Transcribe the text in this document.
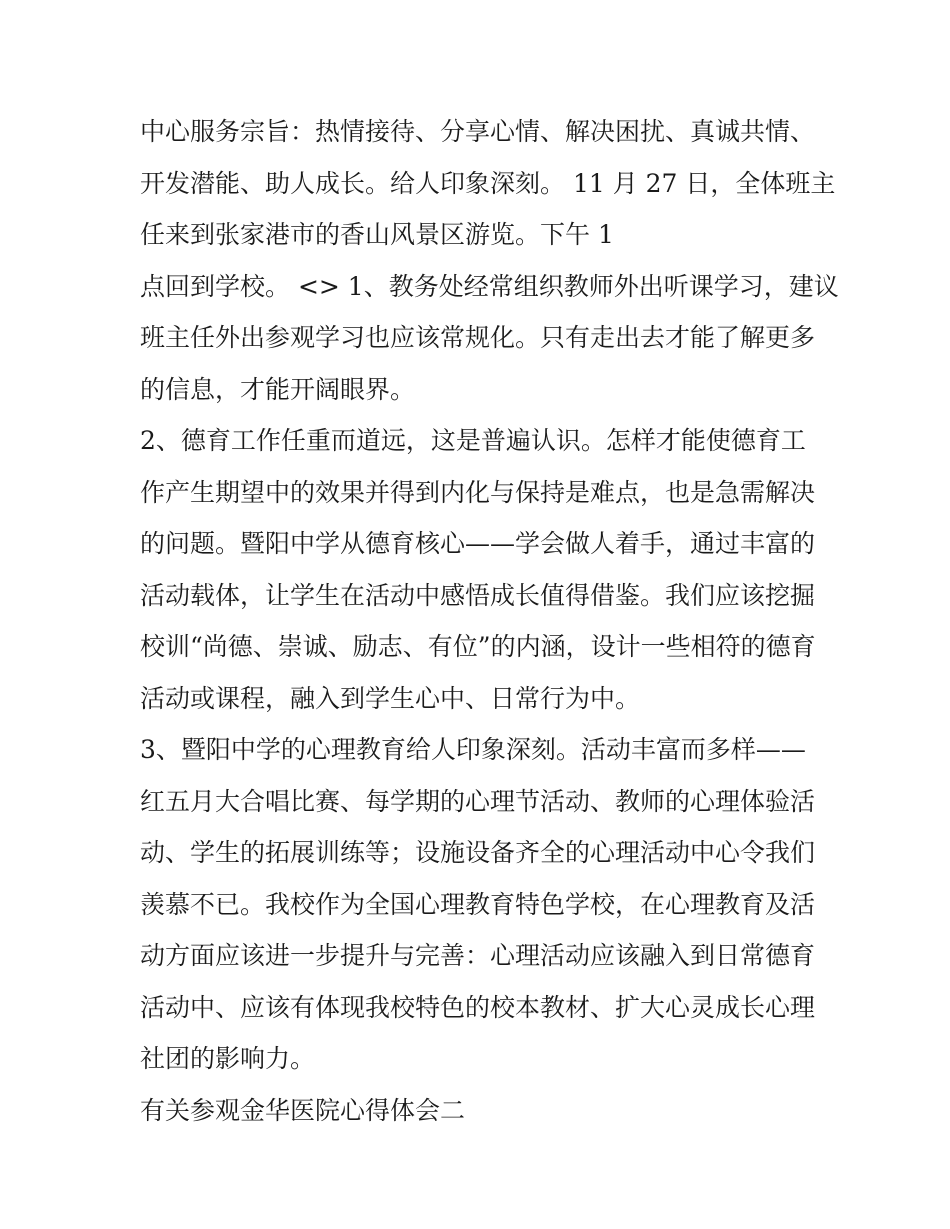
中心服务宗旨：热情接待、分享心情、解决困扰、真诚共情、
开发潜能、助人成长。给人印象深刻。 11 月 27 日，全体班主
任来到张家港市的香山风景区游览。下午 1
点回到学校。 <> 1、教务处经常组织教师外出听课学习，建议
班主任外出参观学习也应该常规化。只有走出去才能了解更多
的信息，才能开阔眼界。

2、德育工作任重而道远，这是普遍认识。怎样才能使德育工
作产生期望中的效果并得到内化与保持是难点，也是急需解决
的问题。暨阳中学从德育核心——学会做人着手，通过丰富的
活动载体，让学生在活动中感悟成长值得借鉴。我们应该挖掘
校训“尚德、崇诚、励志、有位”的内涵，设计一些相符的德育
活动或课程，融入到学生心中、日常行为中。

3、暨阳中学的心理教育给人印象深刻。活动丰富而多样——
红五月大合唱比赛、每学期的心理节活动、教师的心理体验活
动、学生的拓展训练等；设施设备齐全的心理活动中心令我们
羡慕不已。我校作为全国心理教育特色学校，在心理教育及活
动方面应该进一步提升与完善：心理活动应该融入到日常德育
活动中、应该有体现我校特色的校本教材、扩大心灵成长心理
社团的影响力。

有关参观金华医院心得体会二
